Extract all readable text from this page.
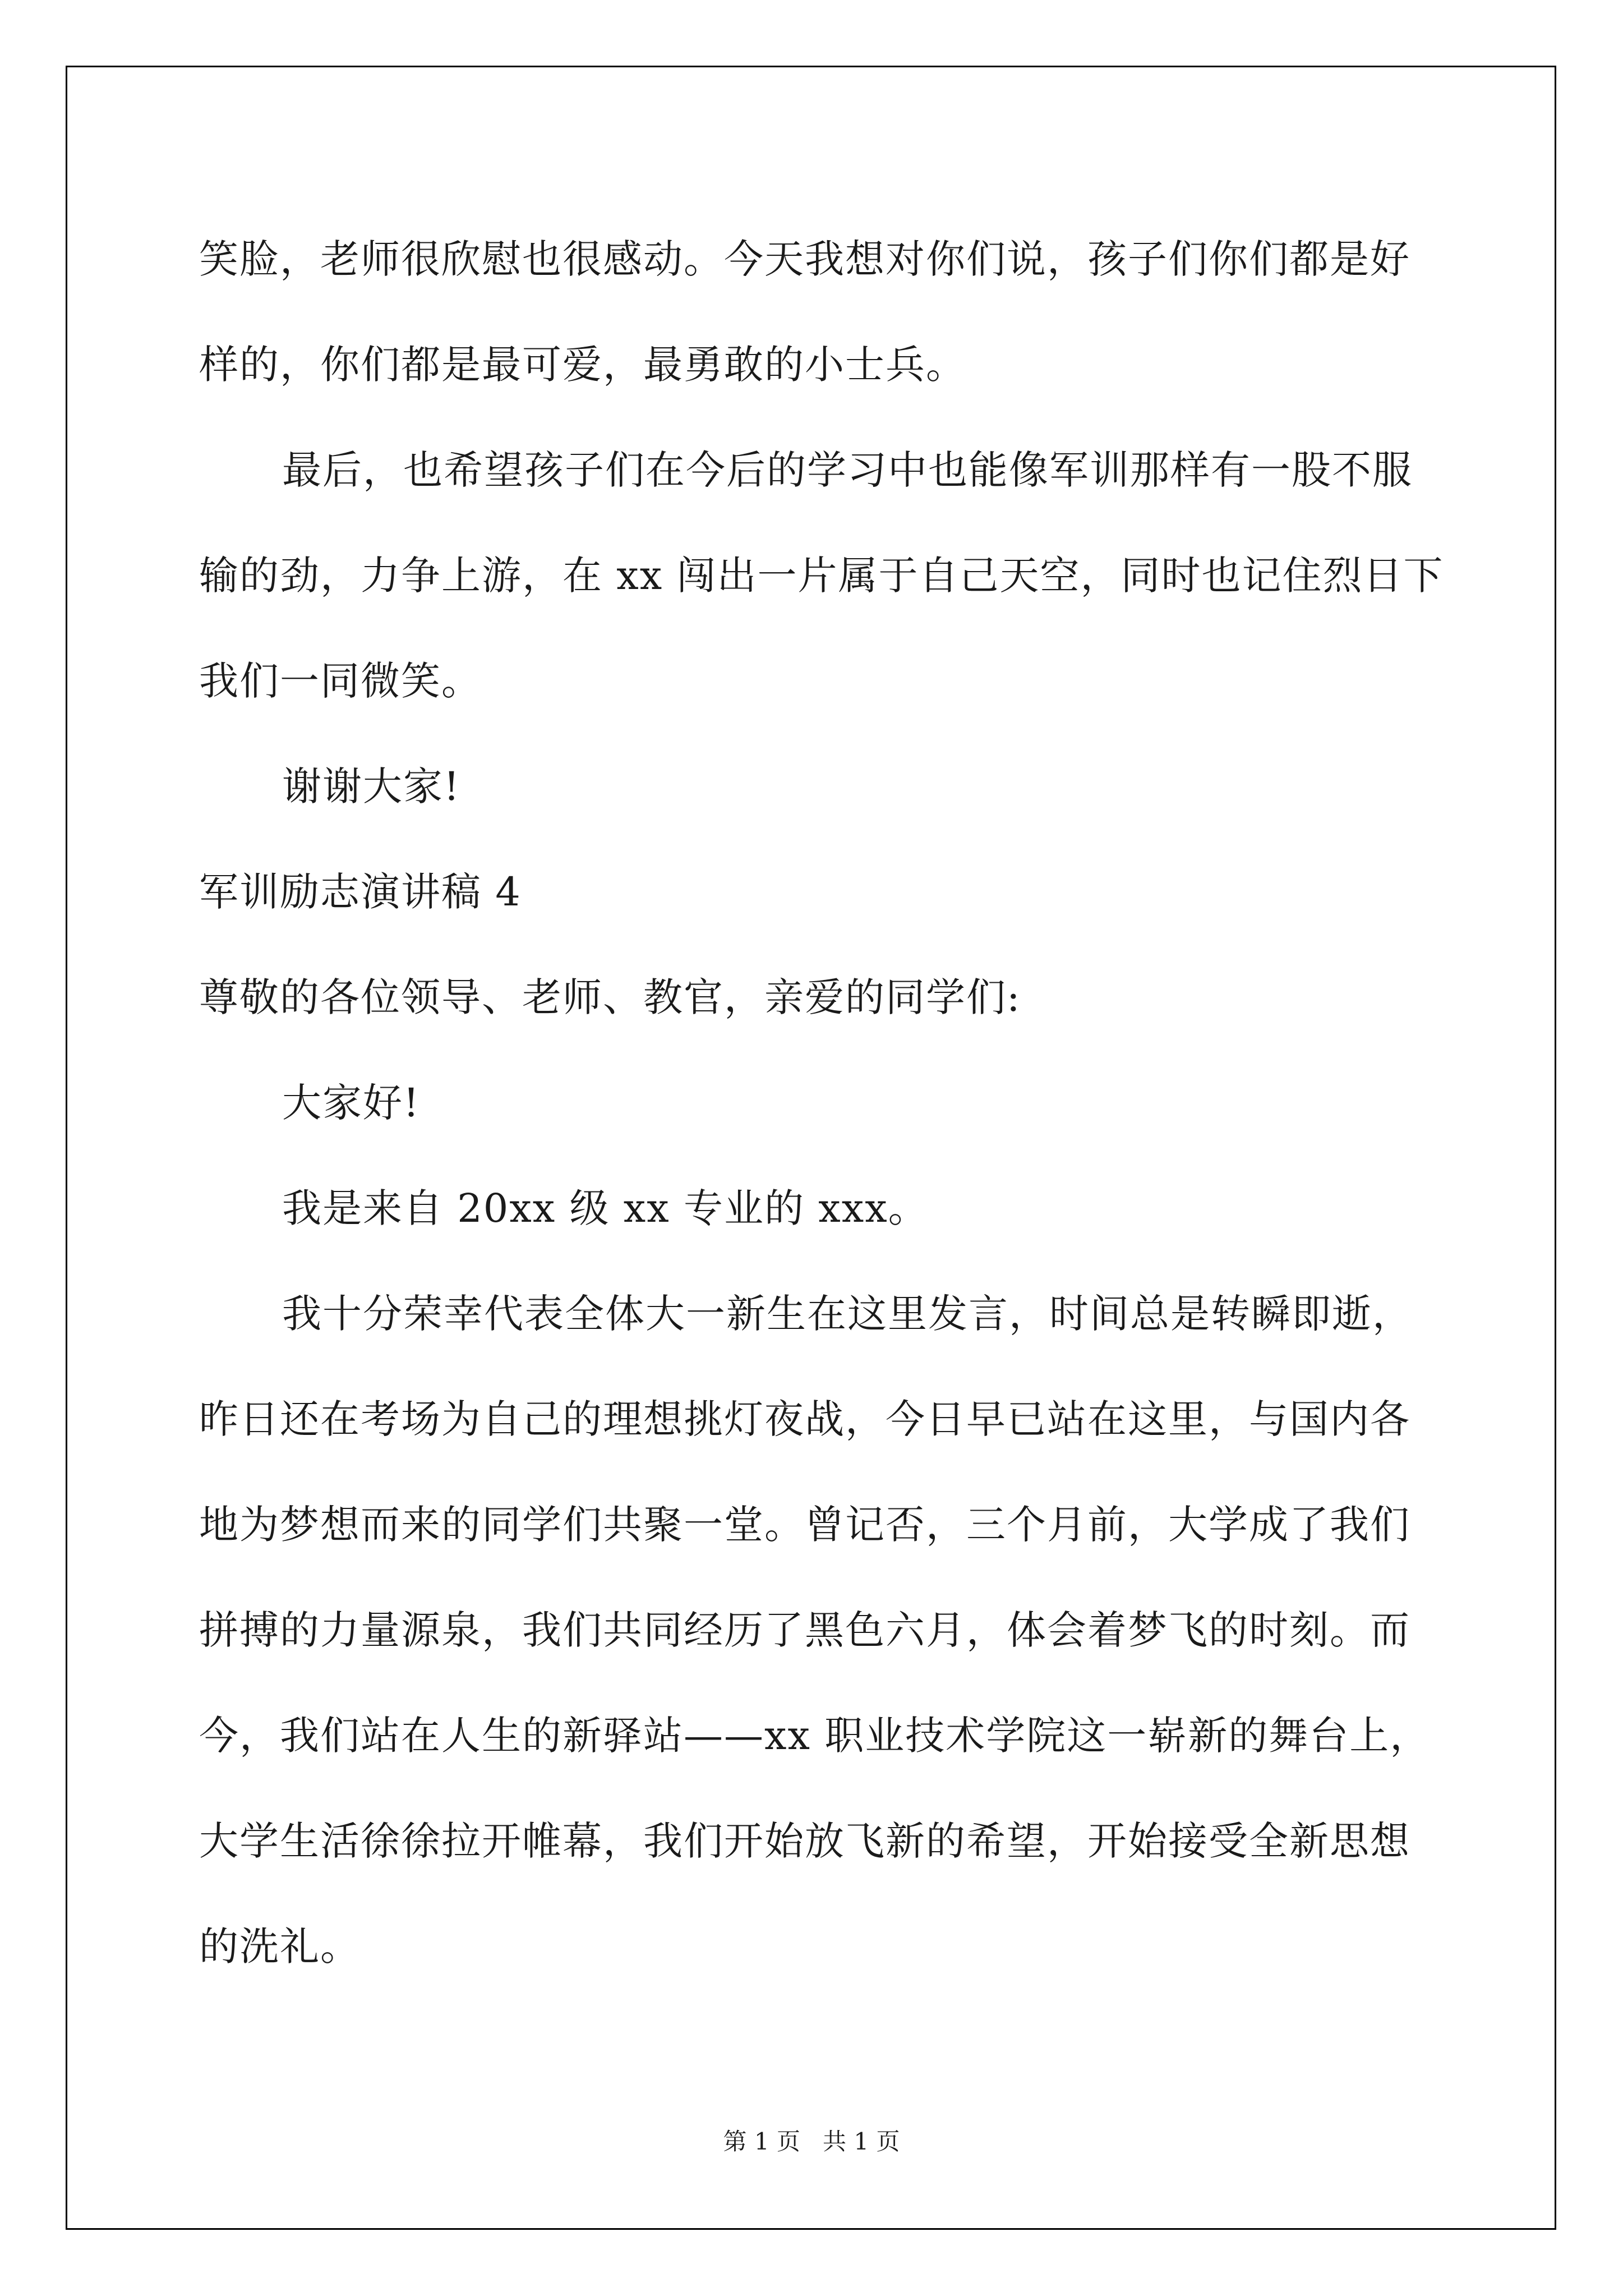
笑脸，老师很欣慰也很感动。今天我想对你们说，孩子们你们都是好
样的，你们都是最可爱，最勇敢的小士兵。
最后，也希望孩子们在今后的学习中也能像军训那样有一股不服
输的劲，力争上游，在 xx 闯出一片属于自己天空，同时也记住烈日下
我们一同微笑。
谢谢大家!
军训励志演讲稿 4
尊敬的各位领导、老师、教官，亲爱的同学们:
大家好!
我是来自 20xx 级 xx 专业的 xxx。
我十分荣幸代表全体大一新生在这里发言，时间总是转瞬即逝，
昨日还在考场为自己的理想挑灯夜战，今日早已站在这里，与国内各
地为梦想而来的同学们共聚一堂。曾记否，三个月前，大学成了我们
拼搏的力量源泉，我们共同经历了黑色六月，体会着梦飞的时刻。而
今，我们站在人生的新驿站——xx 职业技术学院这一崭新的舞台上，
大学生活徐徐拉开帷幕，我们开始放飞新的希望，开始接受全新思想
的洗礼。
第 1 页   共 1 页
